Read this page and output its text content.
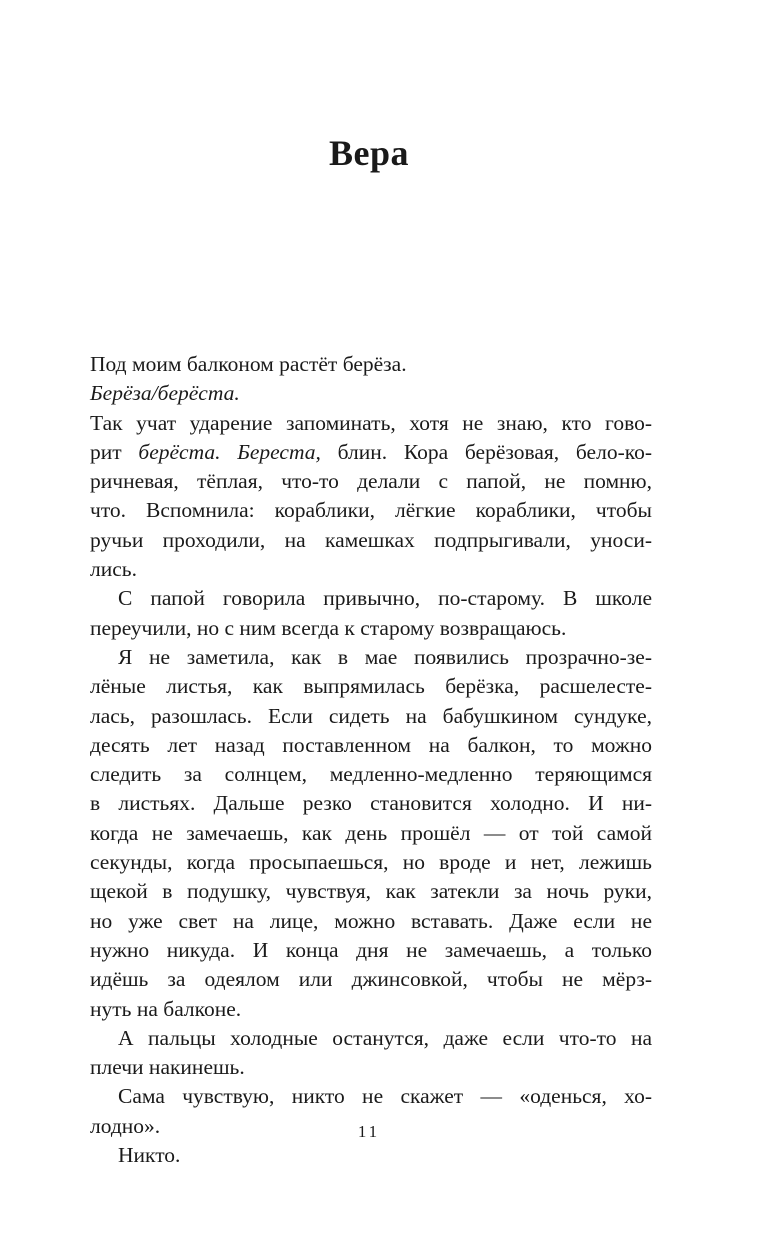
Вера
Под моим балконом растёт берёза.
Берёза/берёста.
Так учат ударение запоминать, хотя не знаю, кто гово-
рит берёста. Береста, блин. Кора берёзовая, бело-ко-
ричневая, тёплая, что-то делали с папой, не помню,
что. Вспомнила: кораблики, лёгкие кораблики, чтобы
ручьи проходили, на камешках подпрыгивали, уноси-
лись.
С папой говорила привычно, по-старому. В школе
переучили, но с ним всегда к старому возвращаюсь.
Я не заметила, как в мае появились прозрачно-зе-
лёные листья, как выпрямилась берёзка, расшелесте-
лась, разошлась. Если сидеть на бабушкином сундуке,
десять лет назад поставленном на балкон, то можно
следить за солнцем, медленно-медленно теряющимся
в листьях. Дальше резко становится холодно. И ни-
когда не замечаешь, как день прошёл — от той самой
секунды, когда просыпаешься, но вроде и нет, лежишь
щекой в подушку, чувствуя, как затекли за ночь руки,
но уже свет на лице, можно вставать. Даже если не
нужно никуда. И конца дня не замечаешь, а только
идёшь за одеялом или джинсовкой, чтобы не мёрз-
нуть на балконе.
А пальцы холодные останутся, даже если что-то на
плечи накинешь.
Сама чувствую, никто не скажет — «оденься, хо-
лодно».
Никто.
11
